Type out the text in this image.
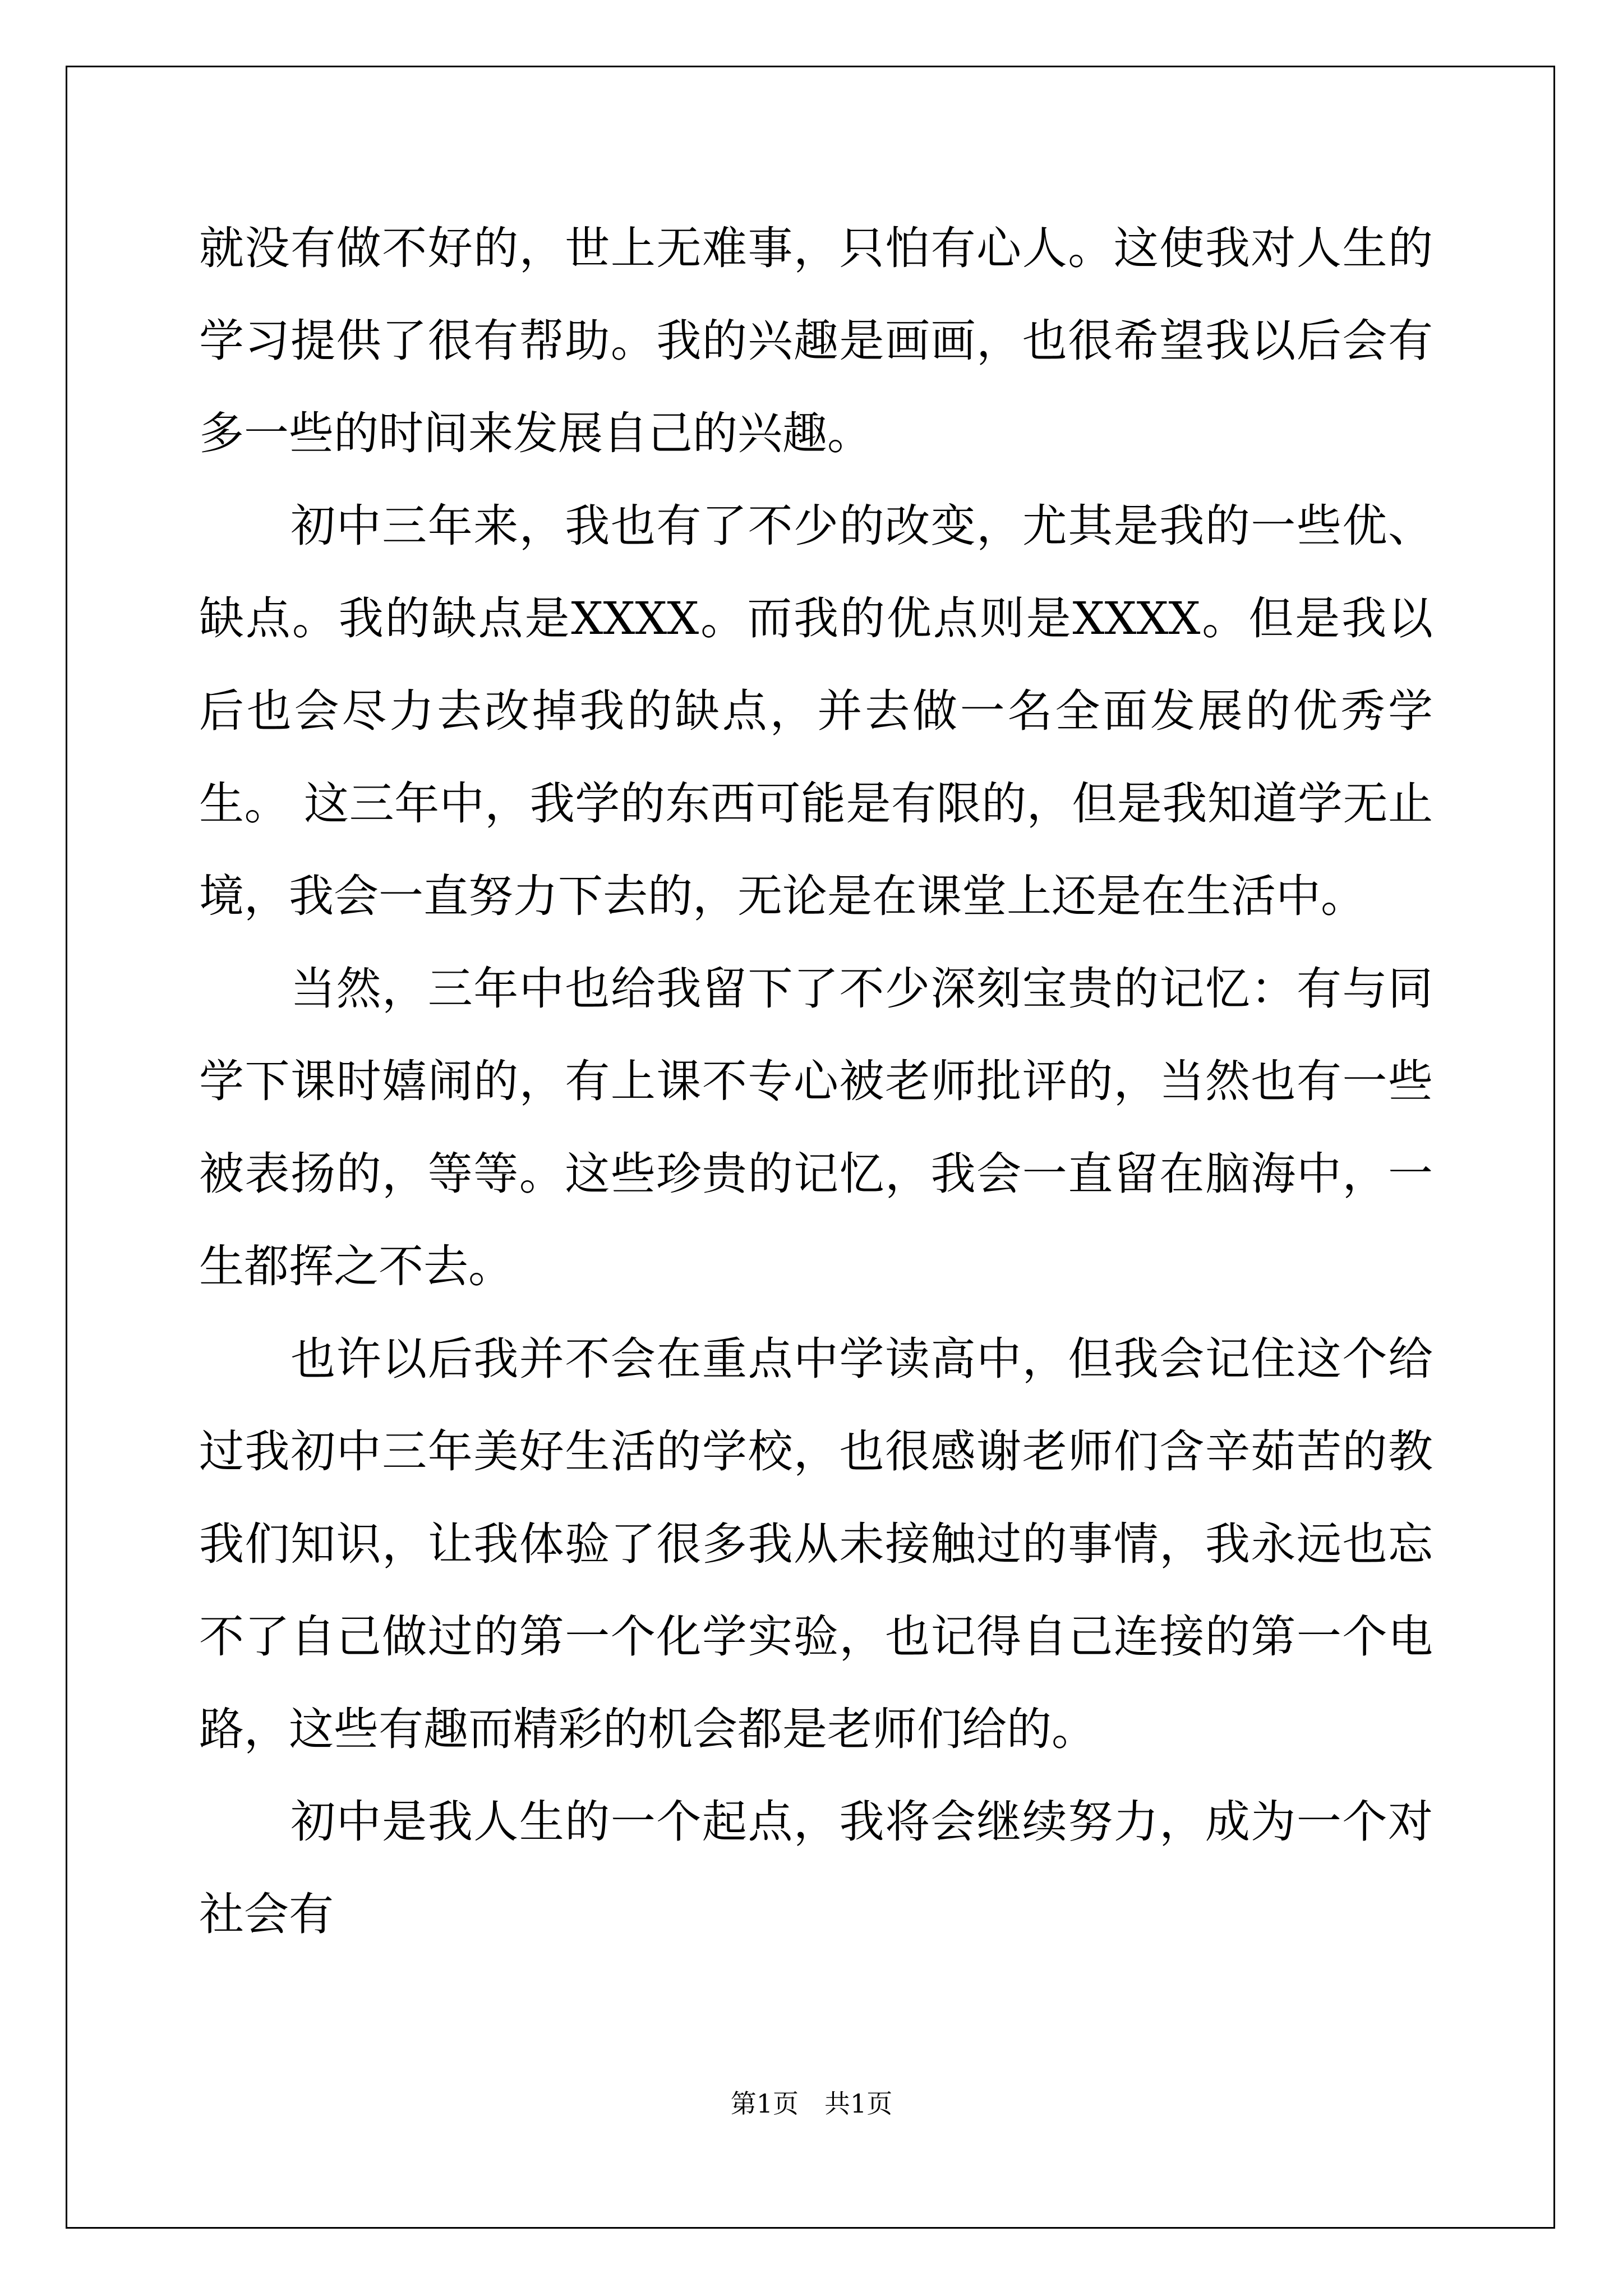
就没有做不好的，世上无难事，只怕有心人。这使我对人生的学习提供了很有帮助。我的兴趣是画画，也很希望我以后会有多一些的时间来发展自己的兴趣。

　　初中三年来，我也有了不少的改变，尤其是我的一些优、缺点。我的缺点是XXXX。而我的优点则是XXXX。但是我以后也会尽力去改掉我的缺点，并去做一名全面发展的优秀学生。 这三年中，我学的东西可能是有限的，但是我知道学无止境，我会一直努力下去的，无论是在课堂上还是在生活中。

　　当然，三年中也给我留下了不少深刻宝贵的记忆：有与同学下课时嬉闹的，有上课不专心被老师批评的，当然也有一些被表扬的，等等。这些珍贵的记忆，我会一直留在脑海中，一生都挥之不去。

　　也许以后我并不会在重点中学读高中，但我会记住这个给过我初中三年美好生活的学校，也很感谢老师们含辛茹苦的教我们知识，让我体验了很多我从未接触过的事情，我永远也忘不了自己做过的第一个化学实验，也记得自己连接的第一个电路，这些有趣而精彩的机会都是老师们给的。

　　初中是我人生的一个起点，我将会继续努力，成为一个对社会有

第1页　共1页
